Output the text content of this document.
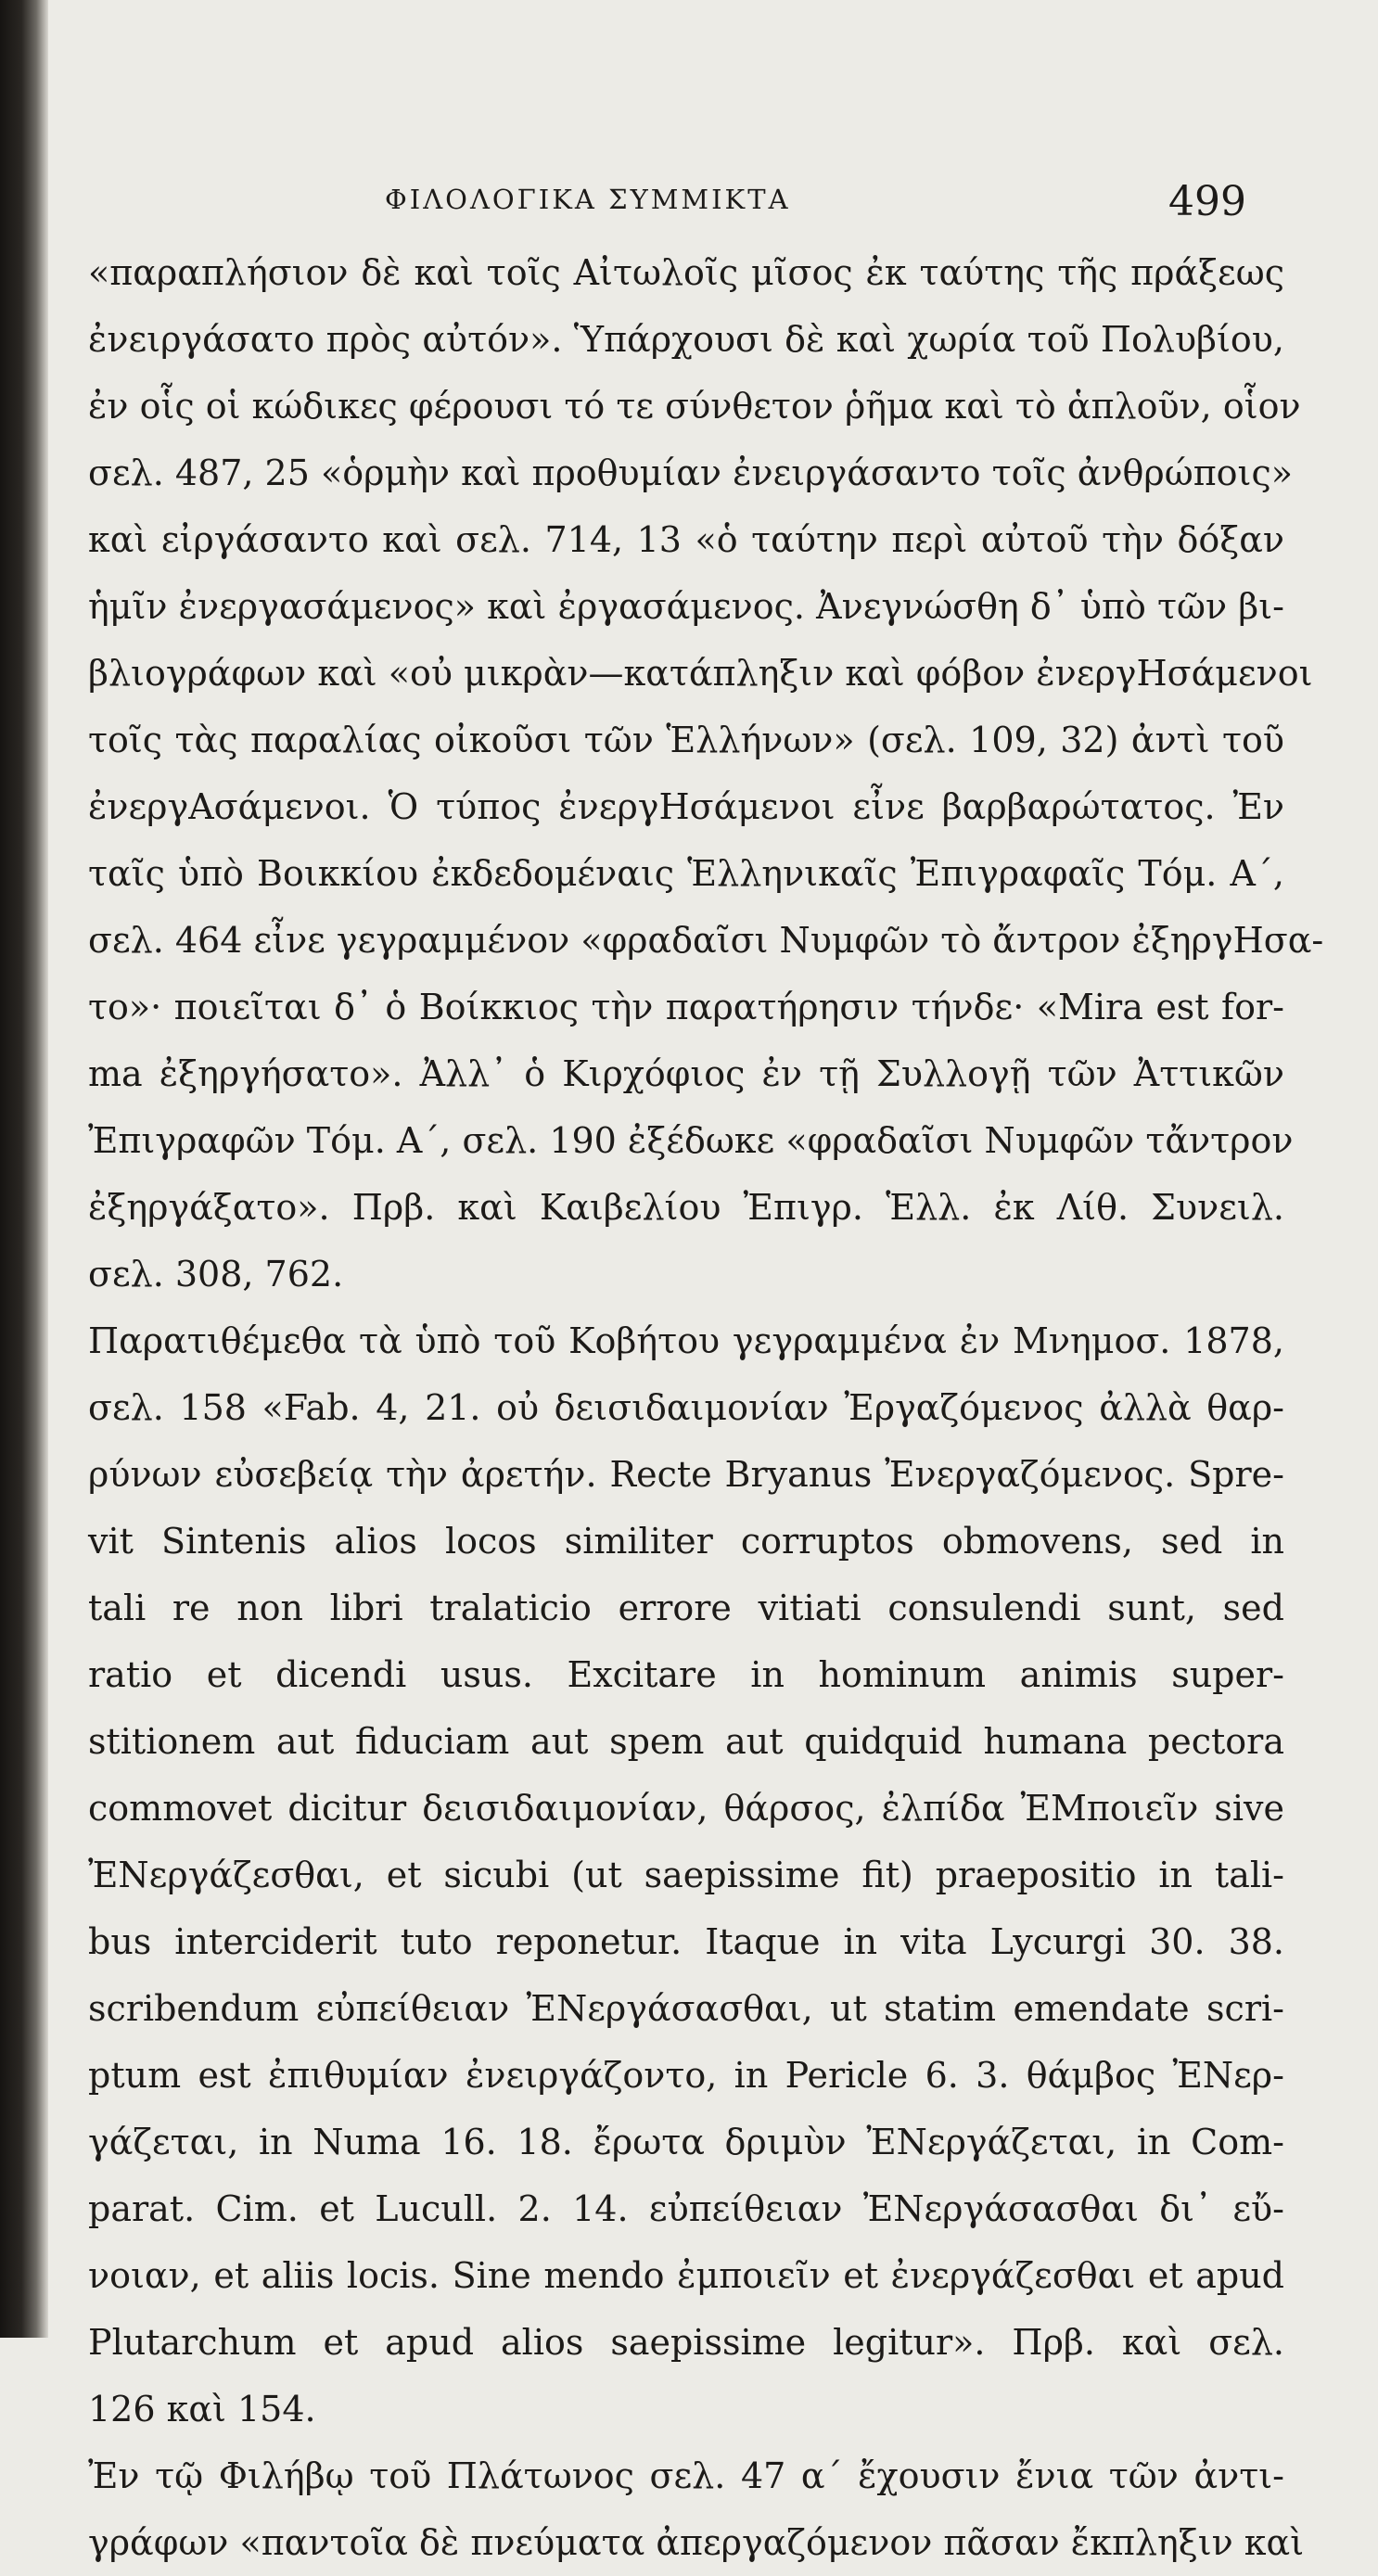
ΦΙΛΟΛΟΓΙΚΑ ΣΥΜΜΙΚΤΑ	499
«παραπλήσιον δὲ καὶ τοῖς Αἰτωλοῖς μῖσος ἐκ ταύτης τῆς πράξεως
ἐνειργάσατο πρὸς αὐτόν». Ὑπάρχουσι δὲ καὶ χωρία τοῦ Πολυβίου,
ἐν οἷς οἱ κώδικες φέρουσι τό τε σύνθετον ῥῆμα καὶ τὸ ἁπλοῦν, οἷον
σελ. 487, 25 «ὁρμὴν καὶ προθυμίαν ἐνειργάσαντο τοῖς ἀνθρώποις»
καὶ εἰργάσαντο καὶ σελ. 714, 13 «ὁ ταύτην περὶ αὐτοῦ τὴν δόξαν
ἡμῖν ἐνεργασάμενος» καὶ ἐργασάμενος. Ἀνεγνώσθη δ᾽ ὑπὸ τῶν βι-
βλιογράφων καὶ «οὐ μικρὰν—κατάπληξιν καὶ φόβον ἐνεργΗσάμενοι
τοῖς τὰς παραλίας οἰκοῦσι τῶν Ἑλλήνων» (σελ. 109, 32) ἀντὶ τοῦ
ἐνεργΑσάμενοι. Ὁ τύπος ἐνεργΗσάμενοι εἶνε βαρβαρώτατος. Ἐν
ταῖς ὑπὸ Βοικκίου ἐκδεδομέναις Ἑλληνικαῖς Ἐπιγραφαῖς Τόμ. Α´,
σελ. 464 εἶνε γεγραμμένον «φραδαῖσι Νυμφῶν τὸ ἄντρον ἐξηργΗσα-
το»· ποιεῖται δ᾽ ὁ Βοίκκιος τὴν παρατήρησιν τήνδε· «Mira est for-
ma ἐξηργήσατο». Ἀλλ᾽ ὁ Κιρχόφιος ἐν τῇ Συλλογῇ τῶν Ἀττικῶν
Ἐπιγραφῶν Τόμ. Α´, σελ. 190 ἐξέδωκε «φραδαῖσι Νυμφῶν τἄντρον
ἐξηργάξατο». Πρβ. καὶ Καιβελίου Ἐπιγρ. Ἑλλ. ἐκ Λίθ. Συνειλ.
σελ. 308, 762.
Παρατιθέμεθα τὰ ὑπὸ τοῦ Κοβήτου γεγραμμένα ἐν Μνημοσ. 1878,
σελ. 158 «Fab. 4, 21. οὐ δεισιδαιμονίαν Ἐργαζόμενος ἀλλὰ θαρ-
ρύνων εὐσεβείᾳ τὴν ἀρετήν. Recte Bryanus Ἐνεργαζόμενος. Spre-
vit Sintenis alios locos similiter corruptos obmovens, sed in
tali re non libri tralaticio errore vitiati consulendi sunt, sed
ratio et dicendi usus. Excitare in hominum animis super-
stitionem aut fiduciam aut spem aut quidquid humana pectora
commovet dicitur δεισιδαιμονίαν, θάρσος, ἐλπίδα ἘΜποιεῖν sive
ἘΝεργάζεσθαι, et sicubi (ut saepissime fit) praepositio in tali-
bus interciderit tuto reponetur. Itaque in vita Lycurgi 30. 38.
scribendum εὐπείθειαν ἘΝεργάσασθαι, ut statim emendate scri-
ptum est ἐπιθυμίαν ἐνειργάζοντο, in Pericle 6. 3. θάμβος ἘΝερ-
γάζεται, in Numa 16. 18. ἔρωτα δριμὺν ἘΝεργάζεται, in Com-
parat. Cim. et Lucull. 2. 14. εὐπείθειαν ἘΝεργάσασθαι δι᾽ εὔ-
νοιαν, et aliis locis. Sine mendo ἐμποιεῖν et ἐνεργάζεσθαι et apud
Plutarchum et apud alios saepissime legitur». Πρβ. καὶ σελ.
126 καὶ 154.
Ἐν τῷ Φιλήβῳ τοῦ Πλάτωνος σελ. 47 α´ ἔχουσιν ἔνια τῶν ἀντι-
γράφων «παντοῖα δὲ πνεύματα ἀπεργαζόμενον πᾶσαν ἔκπληξιν καὶ
